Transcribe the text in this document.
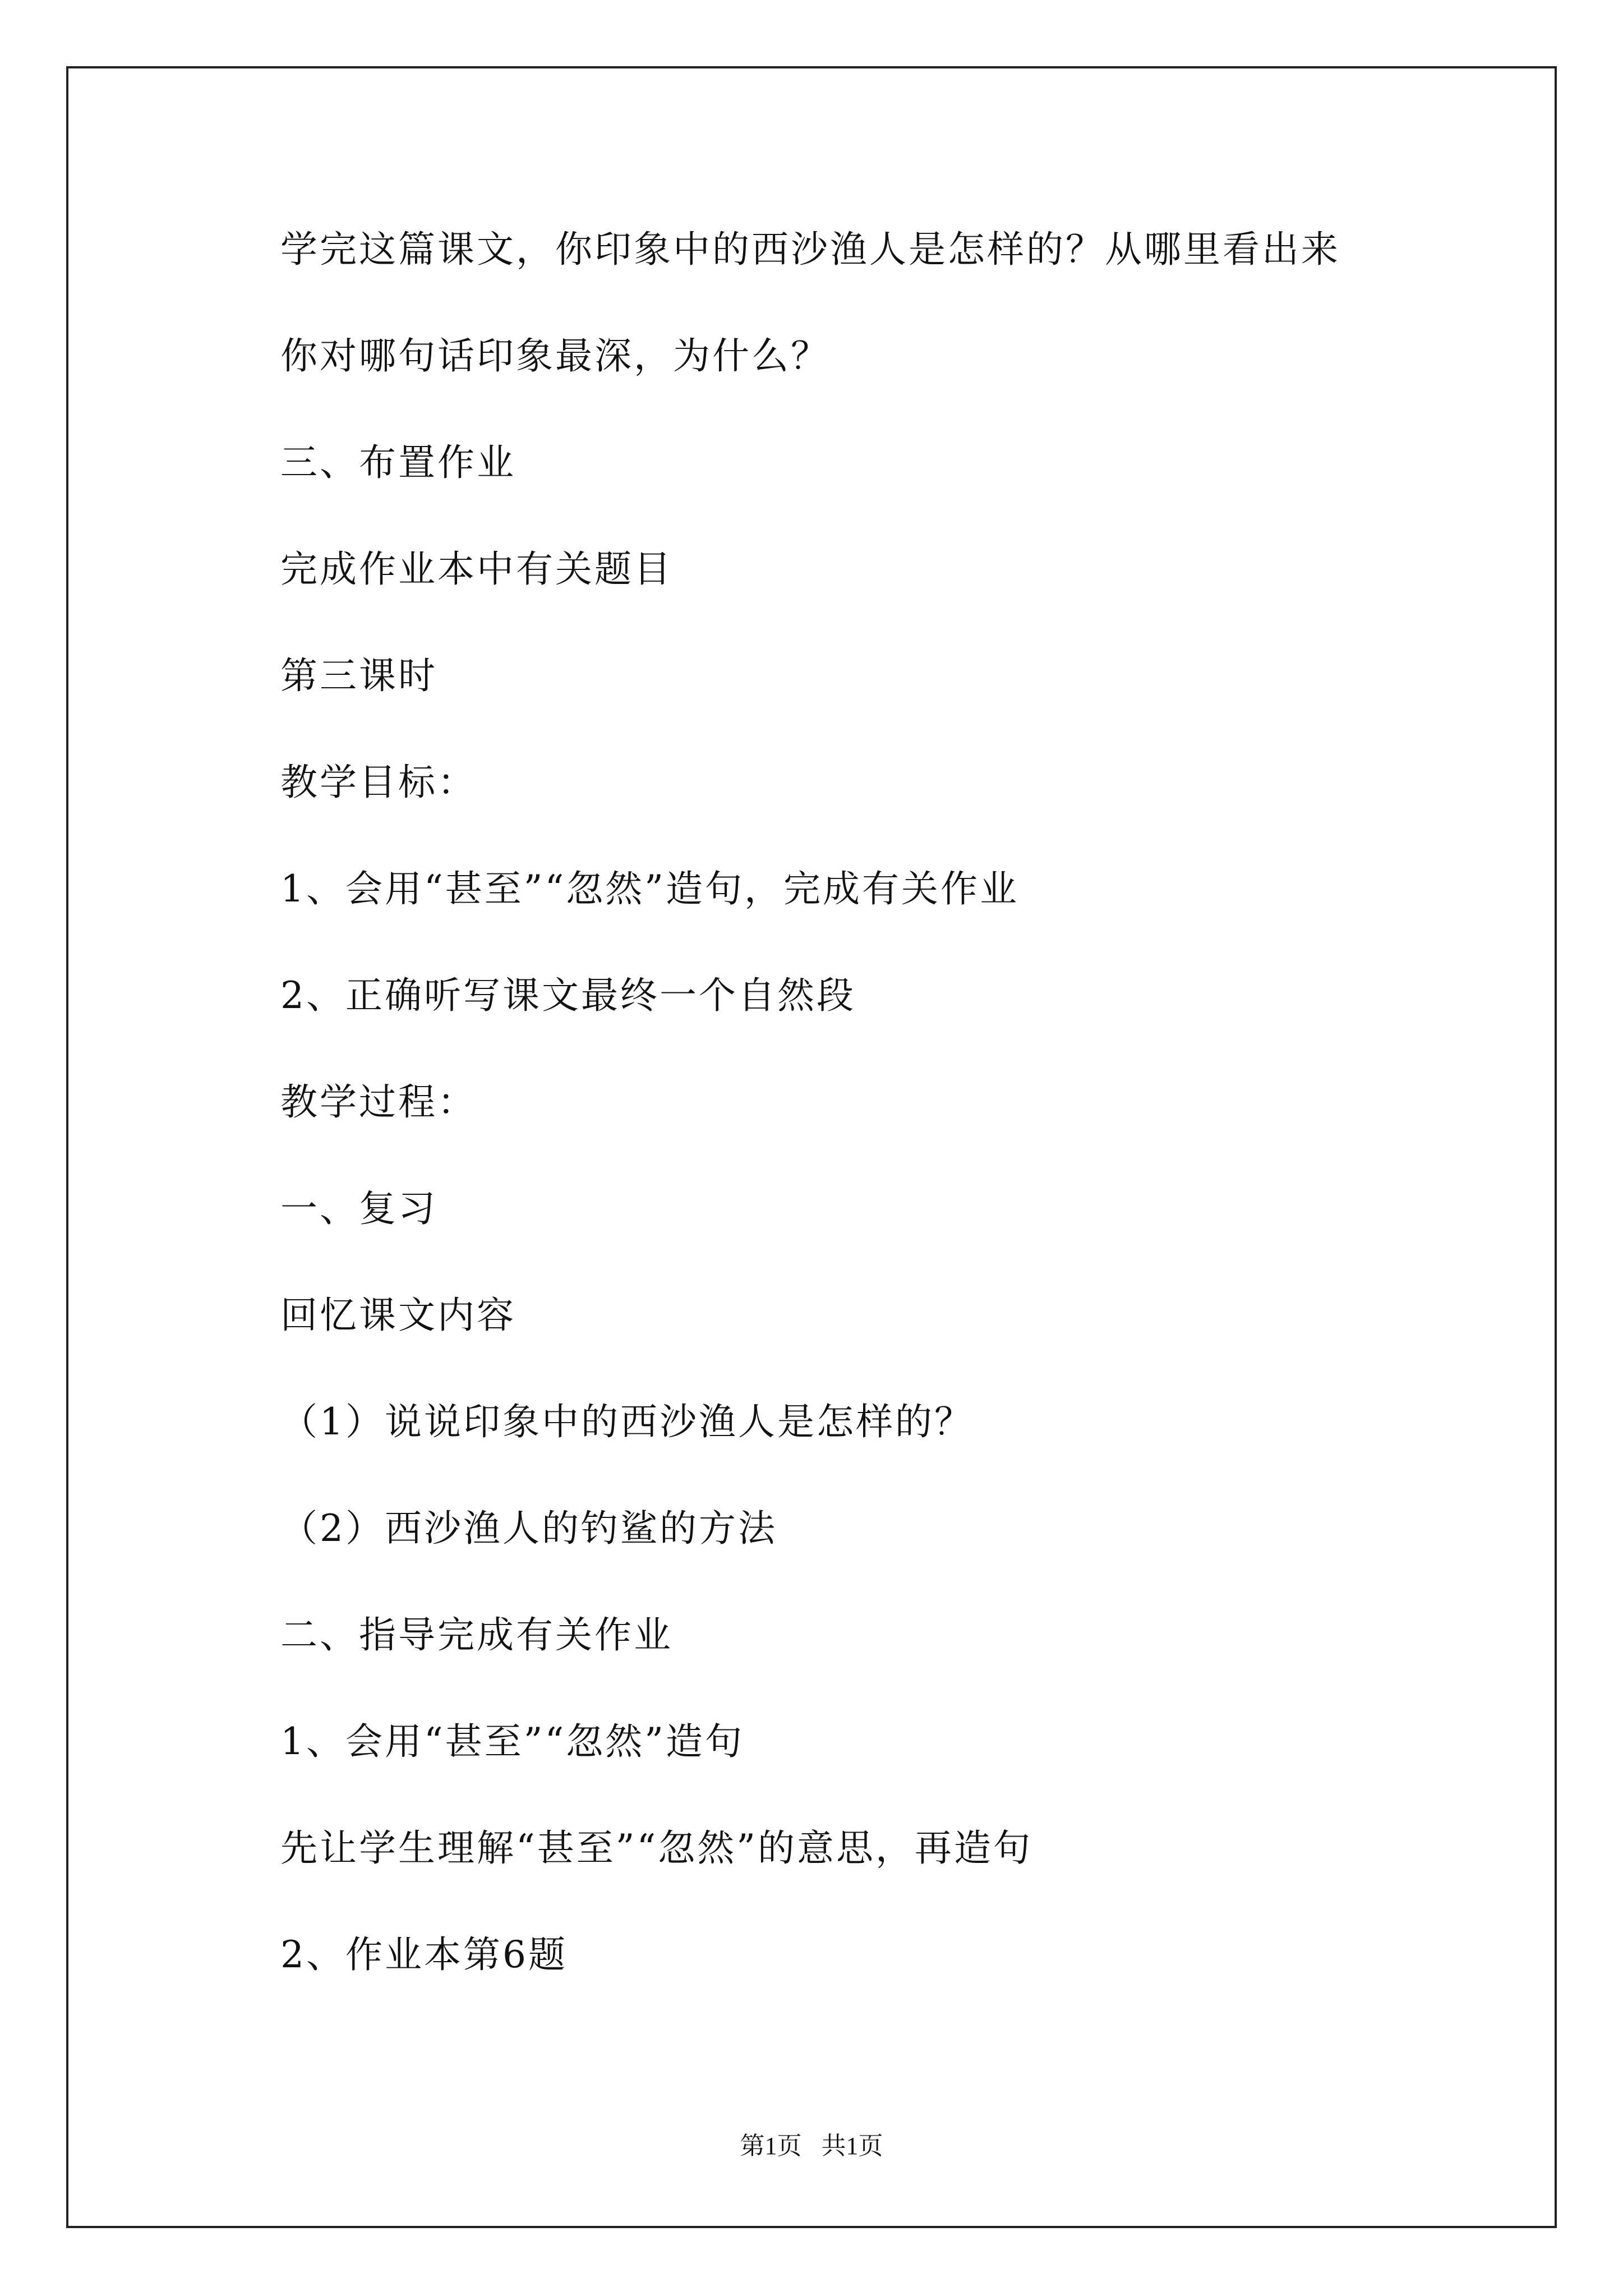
学完这篇课文，你印象中的西沙渔人是怎样的？从哪里看出来
你对哪句话印象最深，为什么？
三、布置作业
完成作业本中有关题目
第三课时
教学目标：
1、会用“甚至”“忽然”造句，完成有关作业
2、正确听写课文最终一个自然段
教学过程：
一、复习
回忆课文内容
（1）说说印象中的西沙渔人是怎样的？
（2）西沙渔人的钓鲨的方法
二、指导完成有关作业
1、会用“甚至”“忽然”造句
先让学生理解“甚至”“忽然”的意思，再造句
2、作业本第6题
第1页 共1页
